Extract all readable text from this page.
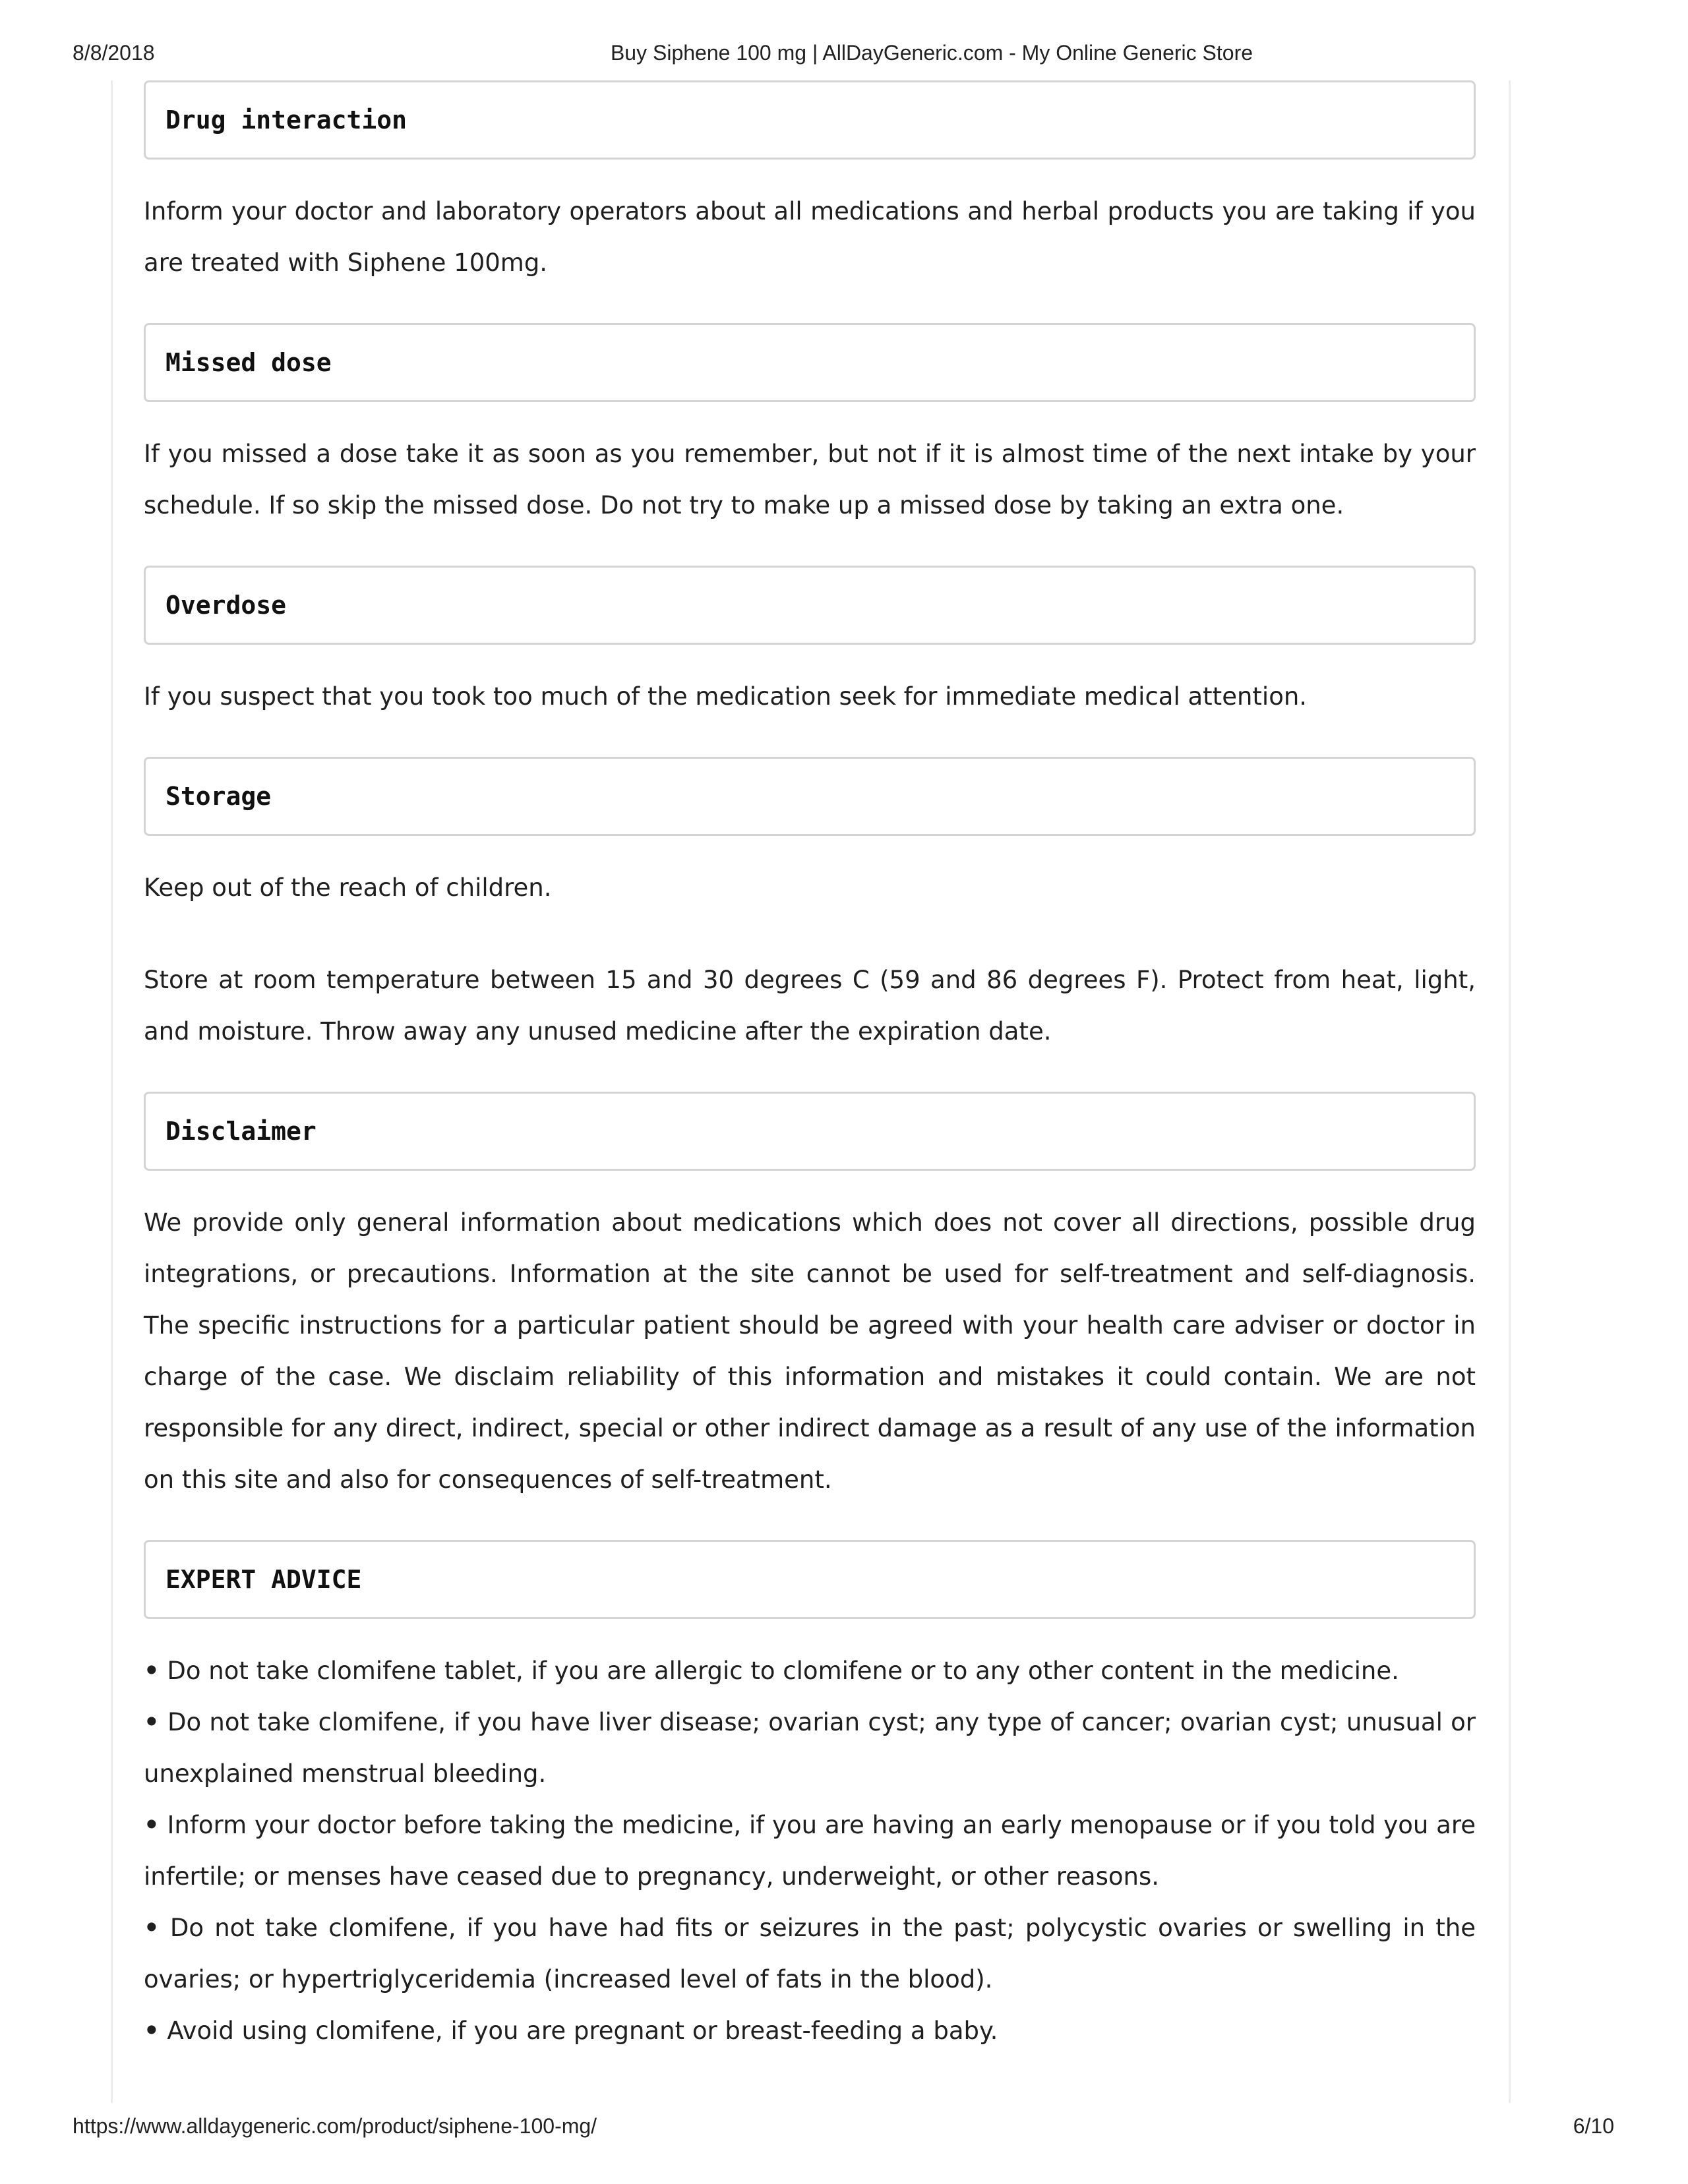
8/8/2018	Buy Siphene 100 mg | AllDayGeneric.com - My Online Generic Store
Drug interaction

Inform your doctor and laboratory operators about all medications and herbal products you are taking if you are treated with Siphene 100mg.

Missed dose

If you missed a dose take it as soon as you remember, but not if it is almost time of the next intake by your schedule. If so skip the missed dose. Do not try to make up a missed dose by taking an extra one.

Overdose

If you suspect that you took too much of the medication seek for immediate medical attention.

Storage

Keep out of the reach of children.

Store at room temperature between 15 and 30 degrees C (59 and 86 degrees F). Protect from heat, light, and moisture. Throw away any unused medicine after the expiration date.

Disclaimer

We provide only general information about medications which does not cover all directions, possible drug integrations, or precautions. Information at the site cannot be used for self-treatment and self-diagnosis. The specific instructions for a particular patient should be agreed with your health care adviser or doctor in charge of the case. We disclaim reliability of this information and mistakes it could contain. We are not responsible for any direct, indirect, special or other indirect damage as a result of any use of the information on this site and also for consequences of self-treatment.

EXPERT ADVICE
• Do not take clomifene tablet, if you are allergic to clomifene or to any other content in the medicine.
• Do not take clomifene, if you have liver disease; ovarian cyst; any type of cancer; ovarian cyst; unusual or unexplained menstrual bleeding.
• Inform your doctor before taking the medicine, if you are having an early menopause or if you told you are infertile; or menses have ceased due to pregnancy, underweight, or other reasons.
• Do not take clomifene, if you have had fits or seizures in the past; polycystic ovaries or swelling in the ovaries; or hypertriglyceridemia (increased level of fats in the blood).
• Avoid using clomifene, if you are pregnant or breast-feeding a baby.
https://www.alldaygeneric.com/product/siphene-100-mg/	6/10
